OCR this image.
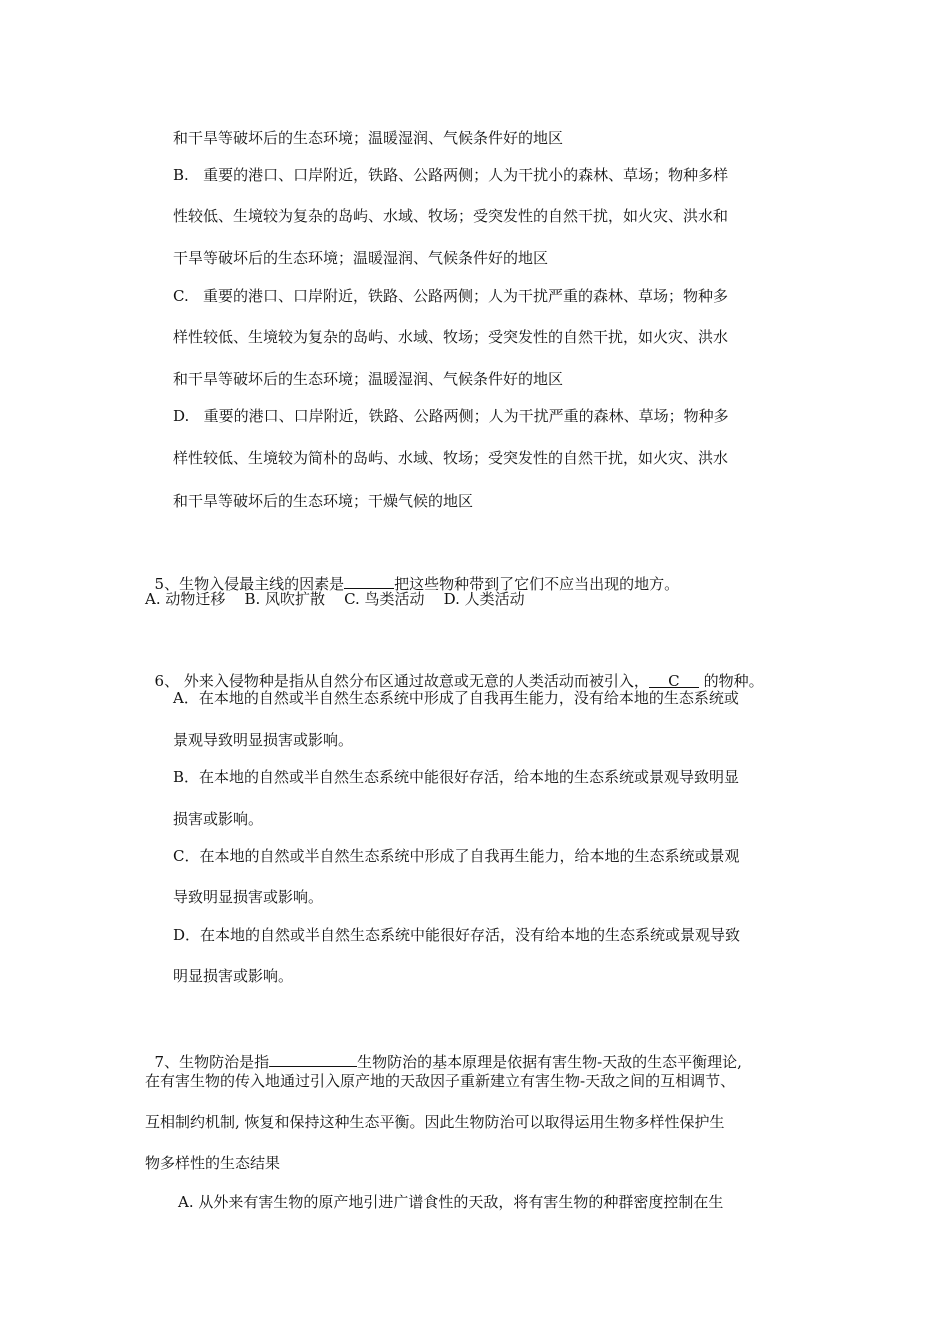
和干旱等破坏后的生态环境；温暖湿润、气候条件好的地区
B.   重要的港口、口岸附近，铁路、公路两侧；人为干扰小的森林、草场；物种多样
性较低、生境较为复杂的岛屿、水域、牧场；受突发性的自然干扰，如火灾、洪水和
干旱等破坏后的生态环境；温暖湿润、气候条件好的地区
C.   重要的港口、口岸附近，铁路、公路两侧；人为干扰严重的森林、草场；物种多
样性较低、生境较为复杂的岛屿、水域、牧场；受突发性的自然干扰，如火灾、洪水
和干旱等破坏后的生态环境；温暖湿润、气候条件好的地区
D.   重要的港口、口岸附近，铁路、公路两侧；人为干扰严重的森林、草场；物种多
样性较低、生境较为简朴的岛屿、水域、牧场；受突发性的自然干扰，如火灾、洪水
和干旱等破坏后的生态环境；干燥气候的地区

5、生物入侵最主线的因素是	把这些物种带到了它们不应当出现的地方。

A. 动物迁移    B. 风吹扩散    C. 鸟类活动    D. 人类活动

6、 外来入侵物种是指从自然分布区通过故意或无意的人类活动而被引入， C 的物种。

A．在本地的自然或半自然生态系统中形成了自我再生能力，没有给本地的生态系统或
景观导致明显损害或影响。
B．在本地的自然或半自然生态系统中能很好存活，给本地的生态系统或景观导致明显
损害或影响。
C．在本地的自然或半自然生态系统中形成了自我再生能力，给本地的生态系统或景观
导致明显损害或影响。
D．在本地的自然或半自然生态系统中能很好存活，没有给本地的生态系统或景观导致
明显损害或影响。

7、生物防治是指	生物防治的基本原理是依据有害生物-天敌的生态平衡理论,

在有害生物的传入地通过引入原产地的天敌因子重新建立有害生物-天敌之间的互相调节、
互相制约机制, 恢复和保持这种生态平衡。因此生物防治可以取得运用生物多样性保护生
物多样性的生态结果
A. 从外来有害生物的原产地引进广谱食性的天敌，将有害生物的种群密度控制在生
